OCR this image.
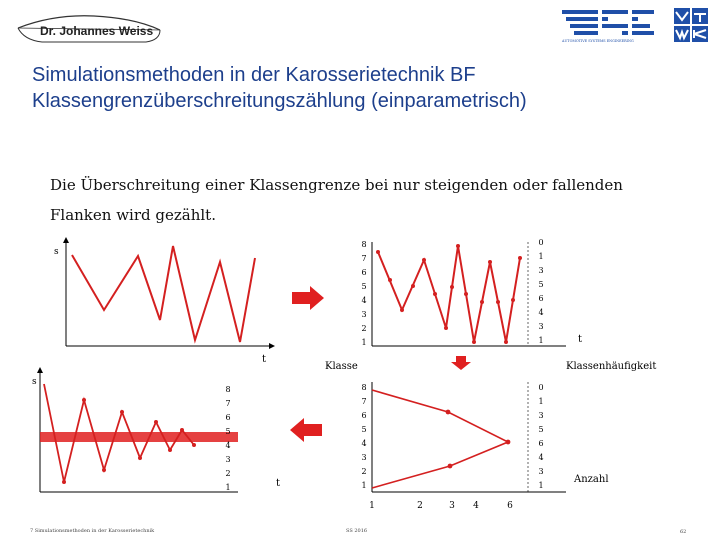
Dr. Johannes Weiss
AUTOMOTIVE SYSTEMS ENGINEERING
Simulationsmethoden in der Karosserietechnik BF
Klassengrenzüberschreitungszählung (einparametrisch)
Die Überschreitung einer Klassengrenze bei nur steigenden oder fallenden Flanken wird gezählt.
s
t
8
7
6
5
4
3
2
1
0
1
3
5
6
4
3
1	t
Klasse	Klassenhäufigkeit
s
8
7
6
5
4
3
2
1	t
8
7
6
5
4
3
2
1
0
1
3
5
6
4
3
1
1	2	3 4	6
Anzahl
7 Simulationsmethoden in der Karosserietechnik	SS 2016	62
